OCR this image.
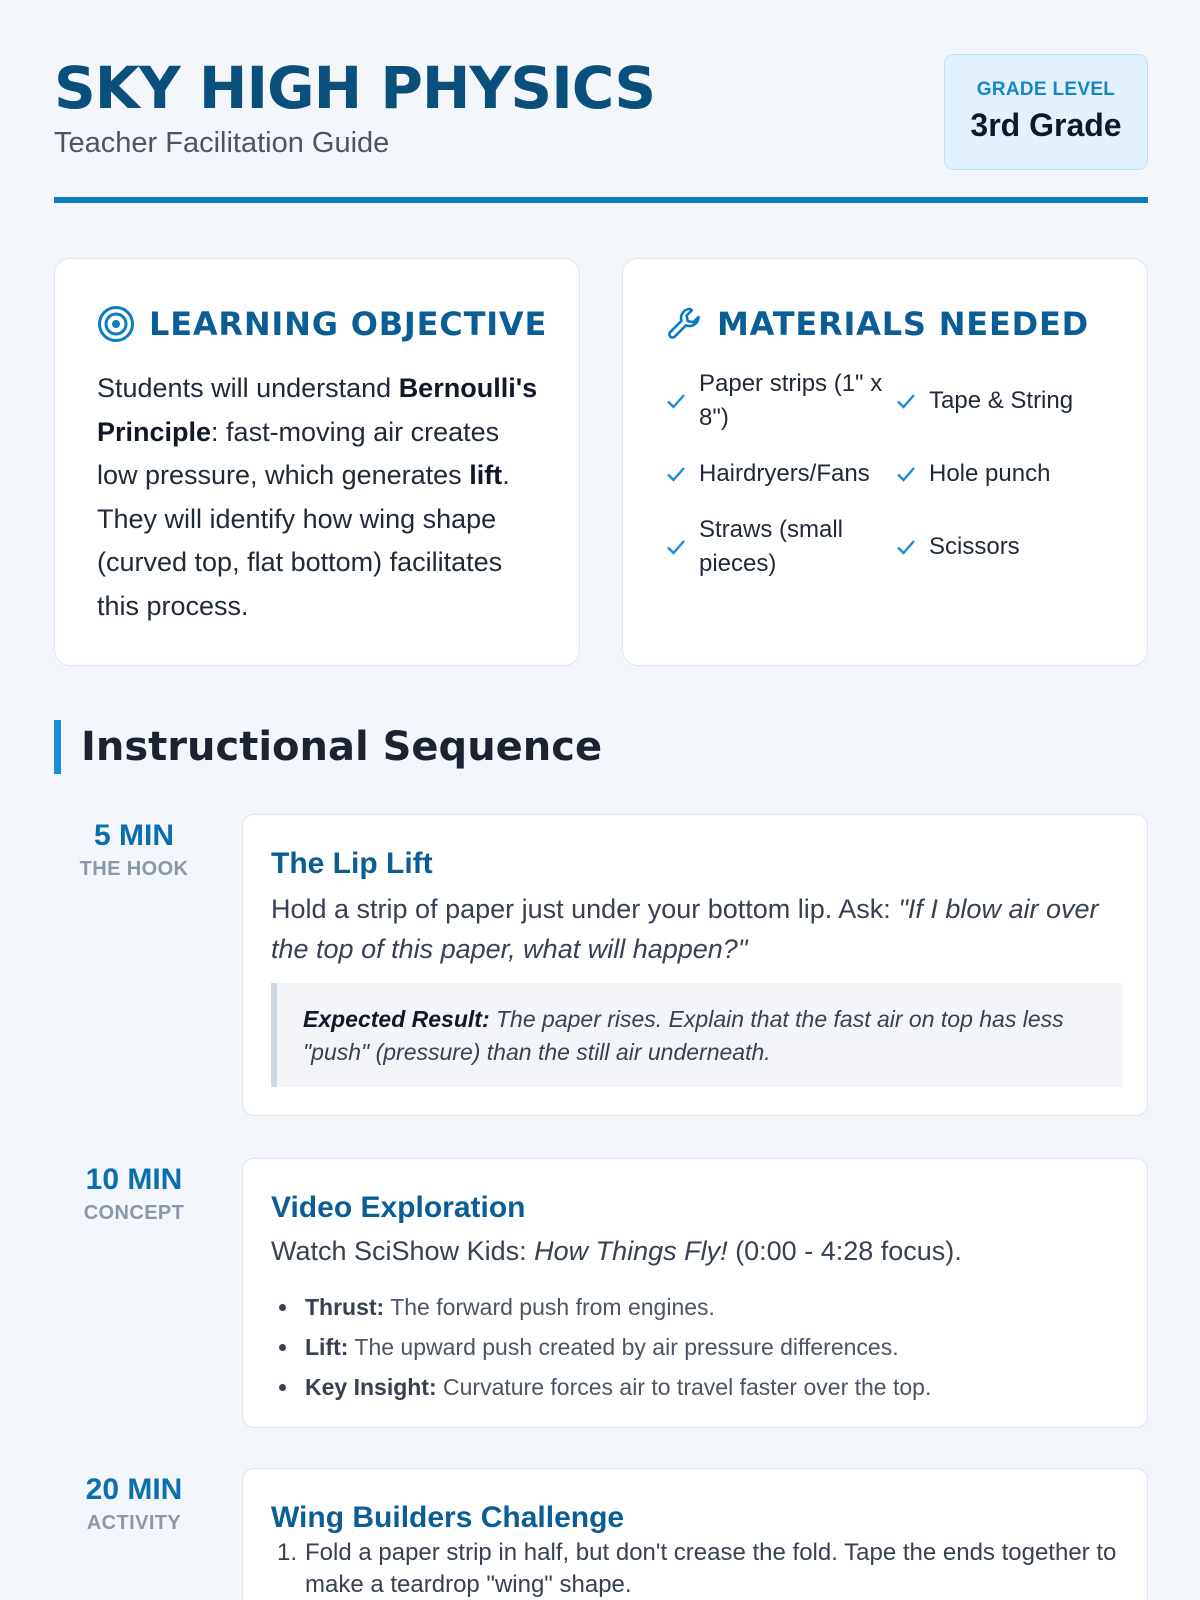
SKY HIGH PHYSICS
Teacher Facilitation Guide
GRADE LEVEL
3rd Grade
LEARNING OBJECTIVE

Students will understand Bernoulli's Principle: fast-moving air creates low pressure, which generates lift. They will identify how wing shape (curved top, flat bottom) facilitates this process.

MATERIALS NEEDED
Paper strips (1" x 8")
Tape & String
Hairdryers/Fans Hole punch
Straws (small pieces)
Scissors
Instructional Sequence
5 MIN
THE HOOK	The Lip Lift

Hold a strip of paper just under your bottom lip. Ask: "If I blow air over the top of this paper, what will happen?"

Expected Result: The paper rises. Explain that the fast air on top has less "push" (pressure) than the still air underneath.
10 MIN
CONCEPT	Video Exploration

Watch SciShow Kids: How Things Fly! (0:00 - 4:28 focus).

Thrust: The forward push from engines.
Lift: The upward push created by air pressure differences.
Key Insight: Curvature forces air to travel faster over the top.
20 MIN
ACTIVITY	Wing Builders Challenge
1. Fold a paper strip in half, but don't crease the fold. Tape the ends together to make a teardrop "wing" shape.
